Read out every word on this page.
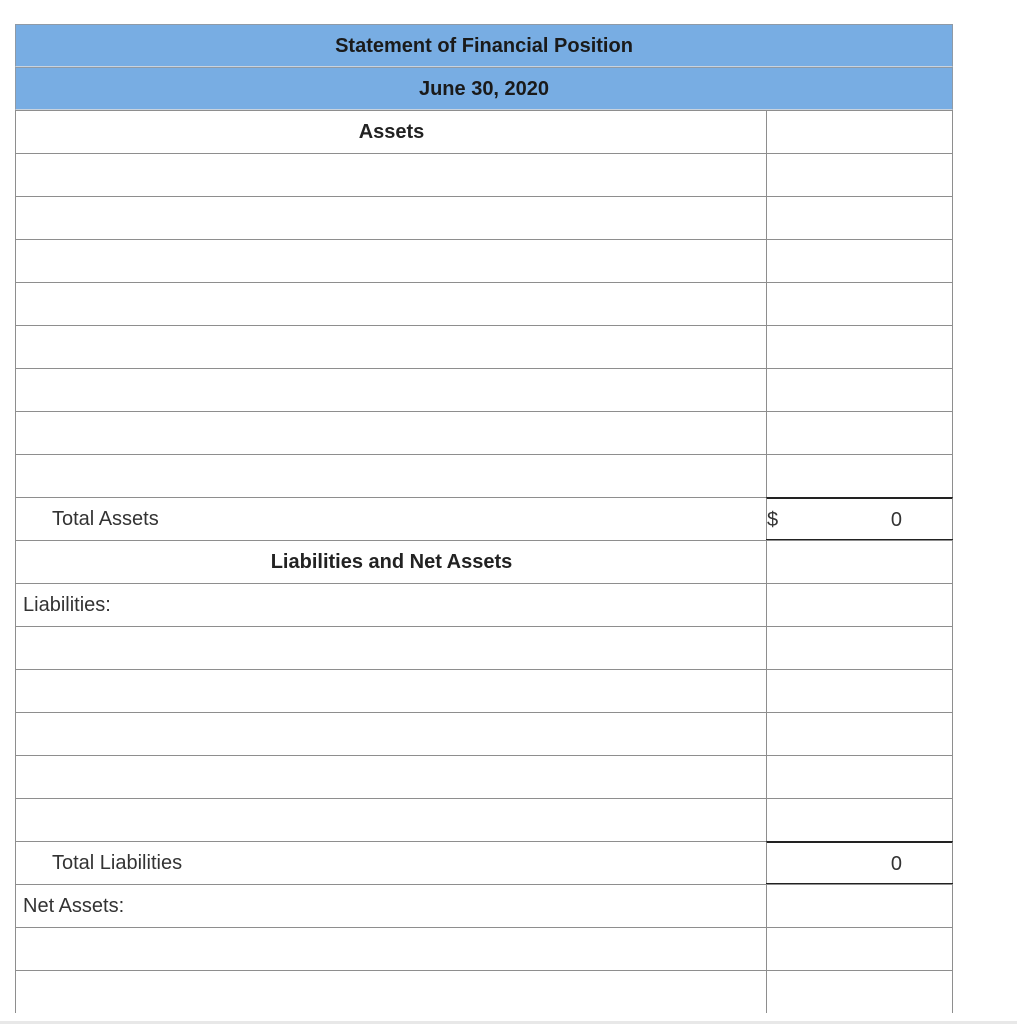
Statement of Financial Position
June 30, 2020
Assets
Total Assets	$	0
Liabilities and Net Assets
Liabilities:
Total Liabilities	0
Net Assets:
